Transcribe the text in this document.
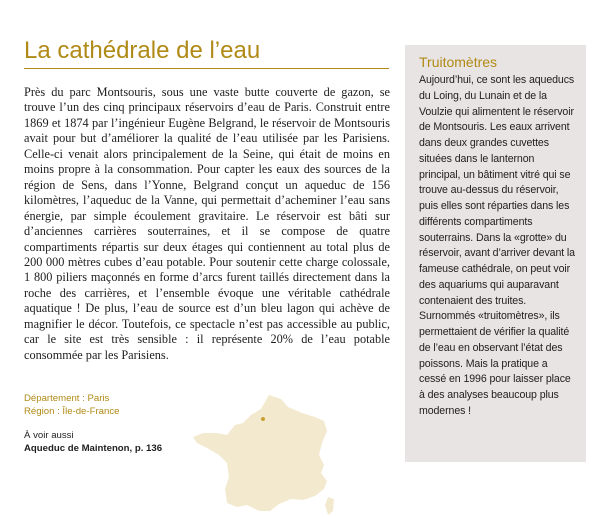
La cathédrale de l’eau

Près du parc Montsouris, sous une vaste butte couverte de gazon, se trouve l’un des cinq principaux réservoirs d’eau de Paris. Construit entre 1869 et 1874 par l’ingénieur Eugène Belgrand, le réservoir de Montsouris avait pour but d’améliorer la qualité de l’eau utilisée par les Parisiens. Celle-ci venait alors principalement de la Seine, qui était de moins en moins propre à la consommation. Pour capter les eaux des sources de la région de Sens, dans l’Yonne, Belgrand conçut un aqueduc de 156 kilomètres, l’aqueduc de la Vanne, qui permettait d’acheminer l’eau sans énergie, par simple écoulement gravitaire. Le réservoir est bâti sur d’anciennes carrières souterraines, et il se compose de quatre compartiments répartis sur deux étages qui contiennent au total plus de 200 000 mètres cubes d’eau potable. Pour soutenir cette charge colossale, 1 800 piliers maçonnés en forme d’arcs furent taillés directement dans la roche des carrières, et l’ensemble évoque une véritable cathédrale aquatique ! De plus, l’eau de source est d’un bleu lagon qui achève de magnifier le décor. Toutefois, ce spectacle n’est pas accessible au public, car le site est très sensible : il représente 20% de l’eau potable consommée par les Parisiens.

Département : Paris
Région : Île-de-France
À voir aussi
Aqueduc de Maintenon, p. 136
Truitomètres

Aujourd’hui, ce sont les aqueducs du Loing, du Lunain et de la Voulzie qui alimentent le réservoir de Montsouris. Les eaux arrivent dans deux grandes cuvettes situées dans le lanternon principal, un bâtiment vitré qui se trouve au-dessus du réservoir, puis elles sont réparties dans les différents compartiments souterrains. Dans la «grotte» du réservoir, avant d’arriver devant la fameuse cathédrale, on peut voir des aquariums qui auparavant contenaient des truites. Surnommés «truitomètres», ils permettaient de vérifier la qualité de l’eau en observant l’état des poissons. Mais la pratique a cessé en 1996 pour laisser place à des analyses beaucoup plus modernes !
